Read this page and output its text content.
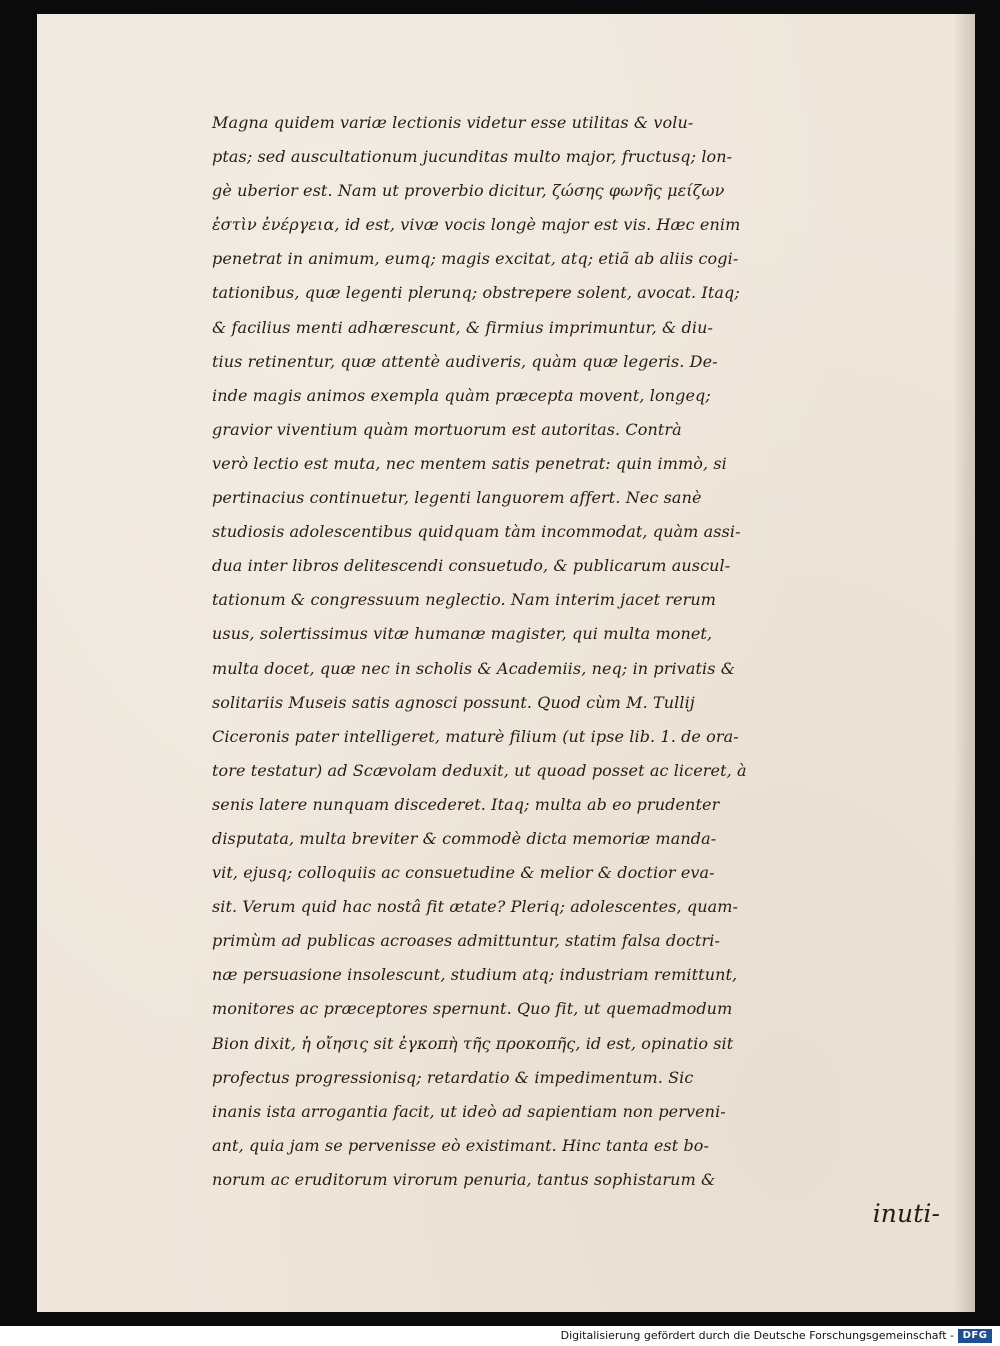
Magna quidem variæ lectionis videtur esse utilitas & volu-
ptas; sed auscultationum jucunditas multo major, fructusq; lon-
gè uberior est. Nam ut proverbio dicitur, ζώσης φωνῆς μείζων
ἐστὶν ἐνέργεια, id est, vivæ vocis longè major est vis. Hæc enim
penetrat in animum, eumq; magis excitat, atq; etiã ab aliis cogi-
tationibus, quæ legenti plerunq; obstrepere solent, avocat. Itaq;
& facilius menti adhærescunt, & firmius imprimuntur, & diu-
tius retinentur, quæ attentè audiveris, quàm quæ legeris. De-
inde magis animos exempla quàm præcepta movent, longeq;
gravior viventium quàm mortuorum est autoritas. Contrà
verò lectio est muta, nec mentem satis penetrat: quin immò, si
pertinacius continuetur, legenti languorem affert. Nec sanè
studiosis adolescentibus quidquam tàm incommodat, quàm assi-
dua inter libros delitescendi consuetudo, & publicarum auscul-
tationum & congressuum neglectio. Nam interim jacet rerum
usus, solertissimus vitæ humanæ magister, qui multa monet,
multa docet, quæ nec in scholis & Academiis, neq; in privatis &
solitariis Museis satis agnosci possunt. Quod cùm M. Tullij
Ciceronis pater intelligeret, maturè filium (ut ipse lib. 1. de ora-
tore testatur) ad Scævolam deduxit, ut quoad posset ac liceret, à
senis latere nunquam discederet. Itaq; multa ab eo prudenter
disputata, multa breviter & commodè dicta memoriæ manda-
vit, ejusq; colloquiis ac consuetudine & melior & doctior eva-
sit. Verum quid hac nostâ fit ætate? Pleriq; adolescentes, quam-
primùm ad publicas acroases admittuntur, statim falsa doctri-
næ persuasione insolescunt, studium atq; industriam remittunt,
monitores ac præceptores spernunt. Quo fit, ut quemadmodum
Bion dixit, ἡ οἴησις sit ἐγκοπὴ τῆς προκοπῆς, id est, opinatio sit
profectus progressionisq; retardatio & impedimentum. Sic
inanis ista arrogantia facit, ut ideò ad sapientiam non perveni-
ant, quia jam se pervenisse eò existimant. Hinc tanta est bo-
norum ac eruditorum virorum penuria, tantus sophistarum &
inuti-
Digitalisierung gefördert durch die Deutsche Forschungsgemeinschaft - DFG
